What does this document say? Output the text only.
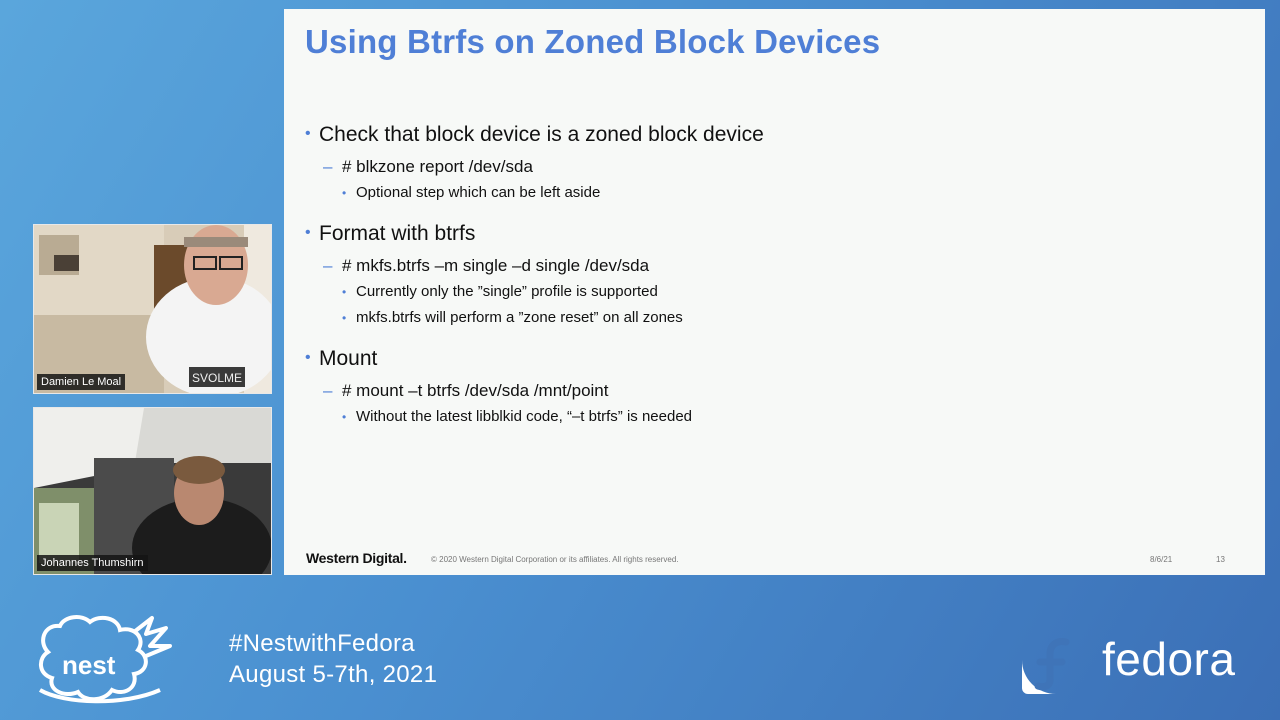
Using Btrfs on Zoned Block Devices
• Check that block device is a zoned block device
– # blkzone report /dev/sda
• Optional step which can be left aside
• Format with btrfs
– # mkfs.btrfs –m single –d single /dev/sda
• Currently only the ”single” profile is supported
• mkfs.btrfs will perform a ”zone reset” on all zones
• Mount
– # mount –t btrfs /dev/sda /mnt/point
• Without the latest libblkid code, “–t btrfs” is needed
Western Digital.	© 2020 Western Digital Corporation or its affiliates. All rights reserved.	8/6/21	13
SVOLME
Damien Le Moal
Johannes Thumshirn
nest
#NestwithFedora
August 5-7th, 2021	fedora
